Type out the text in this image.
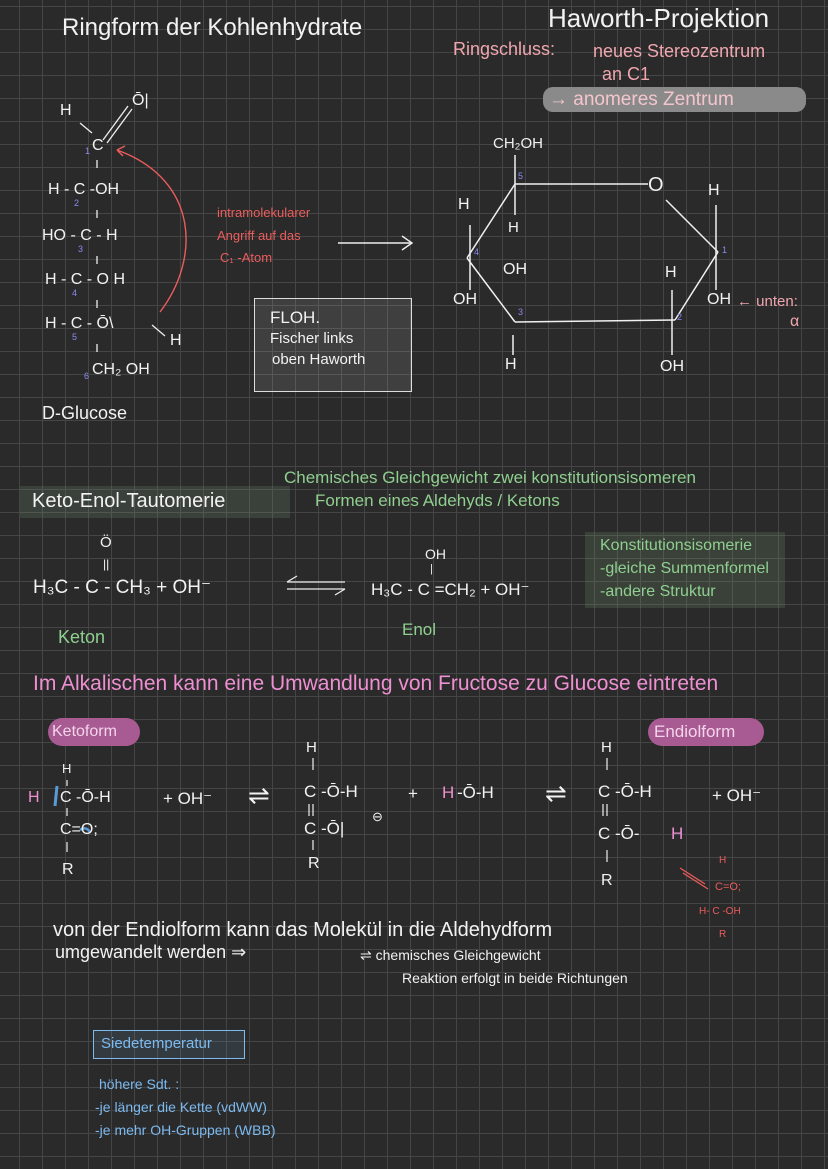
Ringform der Kohlenhydrate
H
Ō|
1 C
H - C -OH
2
HO - C - H
3
H - C - O H
4
H - C - Ō\
5	H
6 CH₂ OH
D-Glucose
intramolekularer
Angriff auf das
C₁ -Atom
FLOH.
Fischer links
oben Haworth
Haworth-Projektion
Ringschluss: neues Stereozentrum
an C1
→ anomeres Zentrum
CH₂OH
O
H
H
OH
OH
H
H
OH
H	OH
1
2
3
4
5
← unten:
α
Keto-Enol-Tautomerie
Chemisches Gleichgewicht zwei konstitutionsisomeren
Formen eines Aldehyds / Ketons
Ö
||
H₃C - C - CH₃ + OH⁻
OH
|
H₃C - C =CH₂ + OH⁻
Keton	Enol
Konstitutionsisomerie
-gleiche Summenformel
-andere Struktur
Im Alkalischen kann eine Umwandlung von Fructose zu Glucose eintreten
Ketoform	Endiolform
H
H C -Ō-H
C=O;
R
+ OH⁻ ⇌
H
C -Ō-H
C -Ō|
⊖
R
+ H -Ō-H ⇌
H
C -Ō-H
C -Ō- H
R
+ OH⁻
H
C=O;
H- C -OH
R
von der Endiolform kann das Molekül in die Aldehydform
umgewandelt werden ⇒	⇌ chemisches Gleichgewicht
Reaktion erfolgt in beide Richtungen
Siedetemperatur
höhere Sdt. :
-je länger die Kette (vdWW)
-je mehr OH-Gruppen (WBB)
